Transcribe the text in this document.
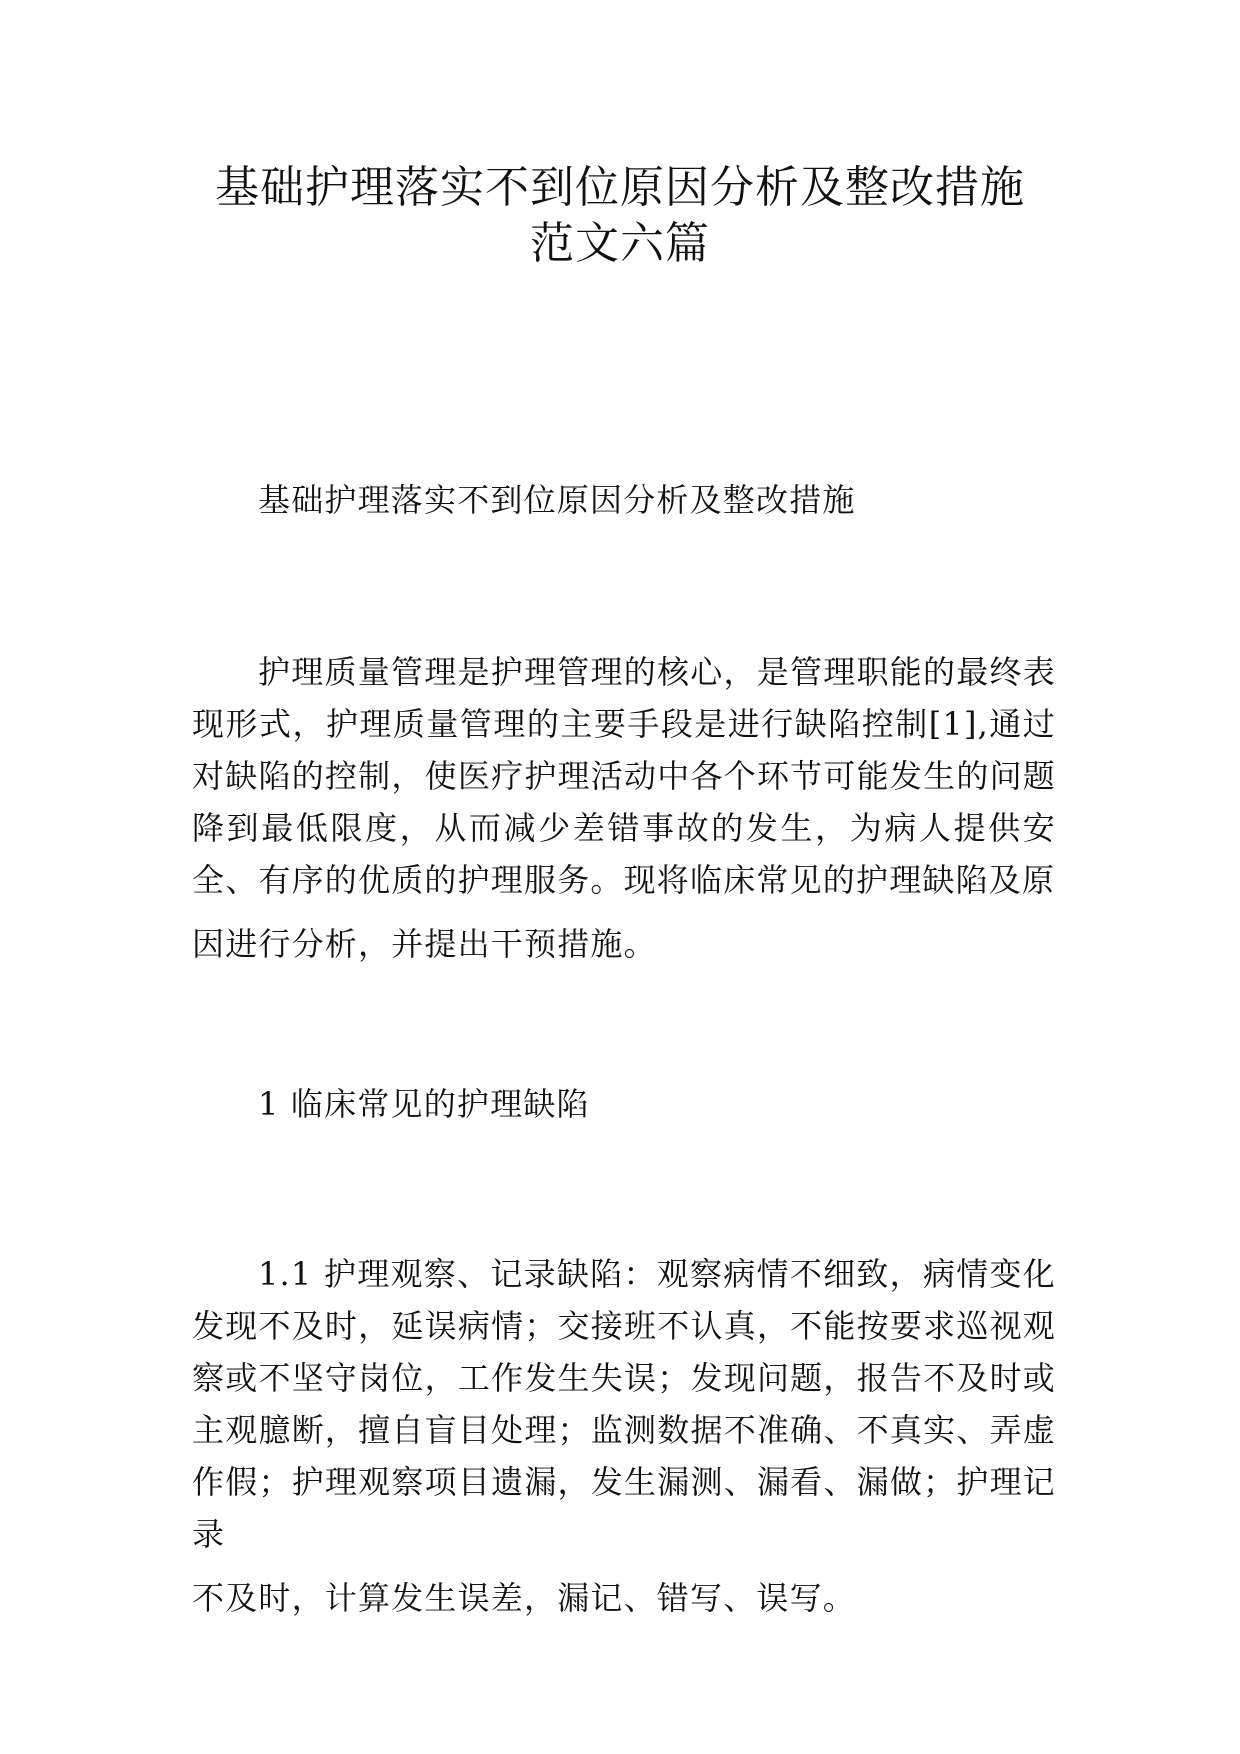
基础护理落实不到位原因分析及整改措施
范文六篇
基础护理落实不到位原因分析及整改措施
护理质量管理是护理管理的核心，是管理职能的最终表现形式，护理质量管理的主要手段是进行缺陷控制[1],通过对缺陷的控制，使医疗护理活动中各个环节可能发生的问题降到最低限度，从而减少差错事故的发生，为病人提供安全、有序的优质的护理服务。现将临床常见的护理缺陷及原
因进行分析，并提出干预措施。
1 临床常见的护理缺陷
1.1 护理观察、记录缺陷：观察病情不细致，病情变化发现不及时，延误病情；交接班不认真，不能按要求巡视观察或不坚守岗位，工作发生失误；发现问题，报告不及时或主观臆断，擅自盲目处理；监测数据不准确、不真实、弄虚作假；护理观察项目遗漏，发生漏测、漏看、漏做；护理记录
不及时，计算发生误差，漏记、错写、误写。
